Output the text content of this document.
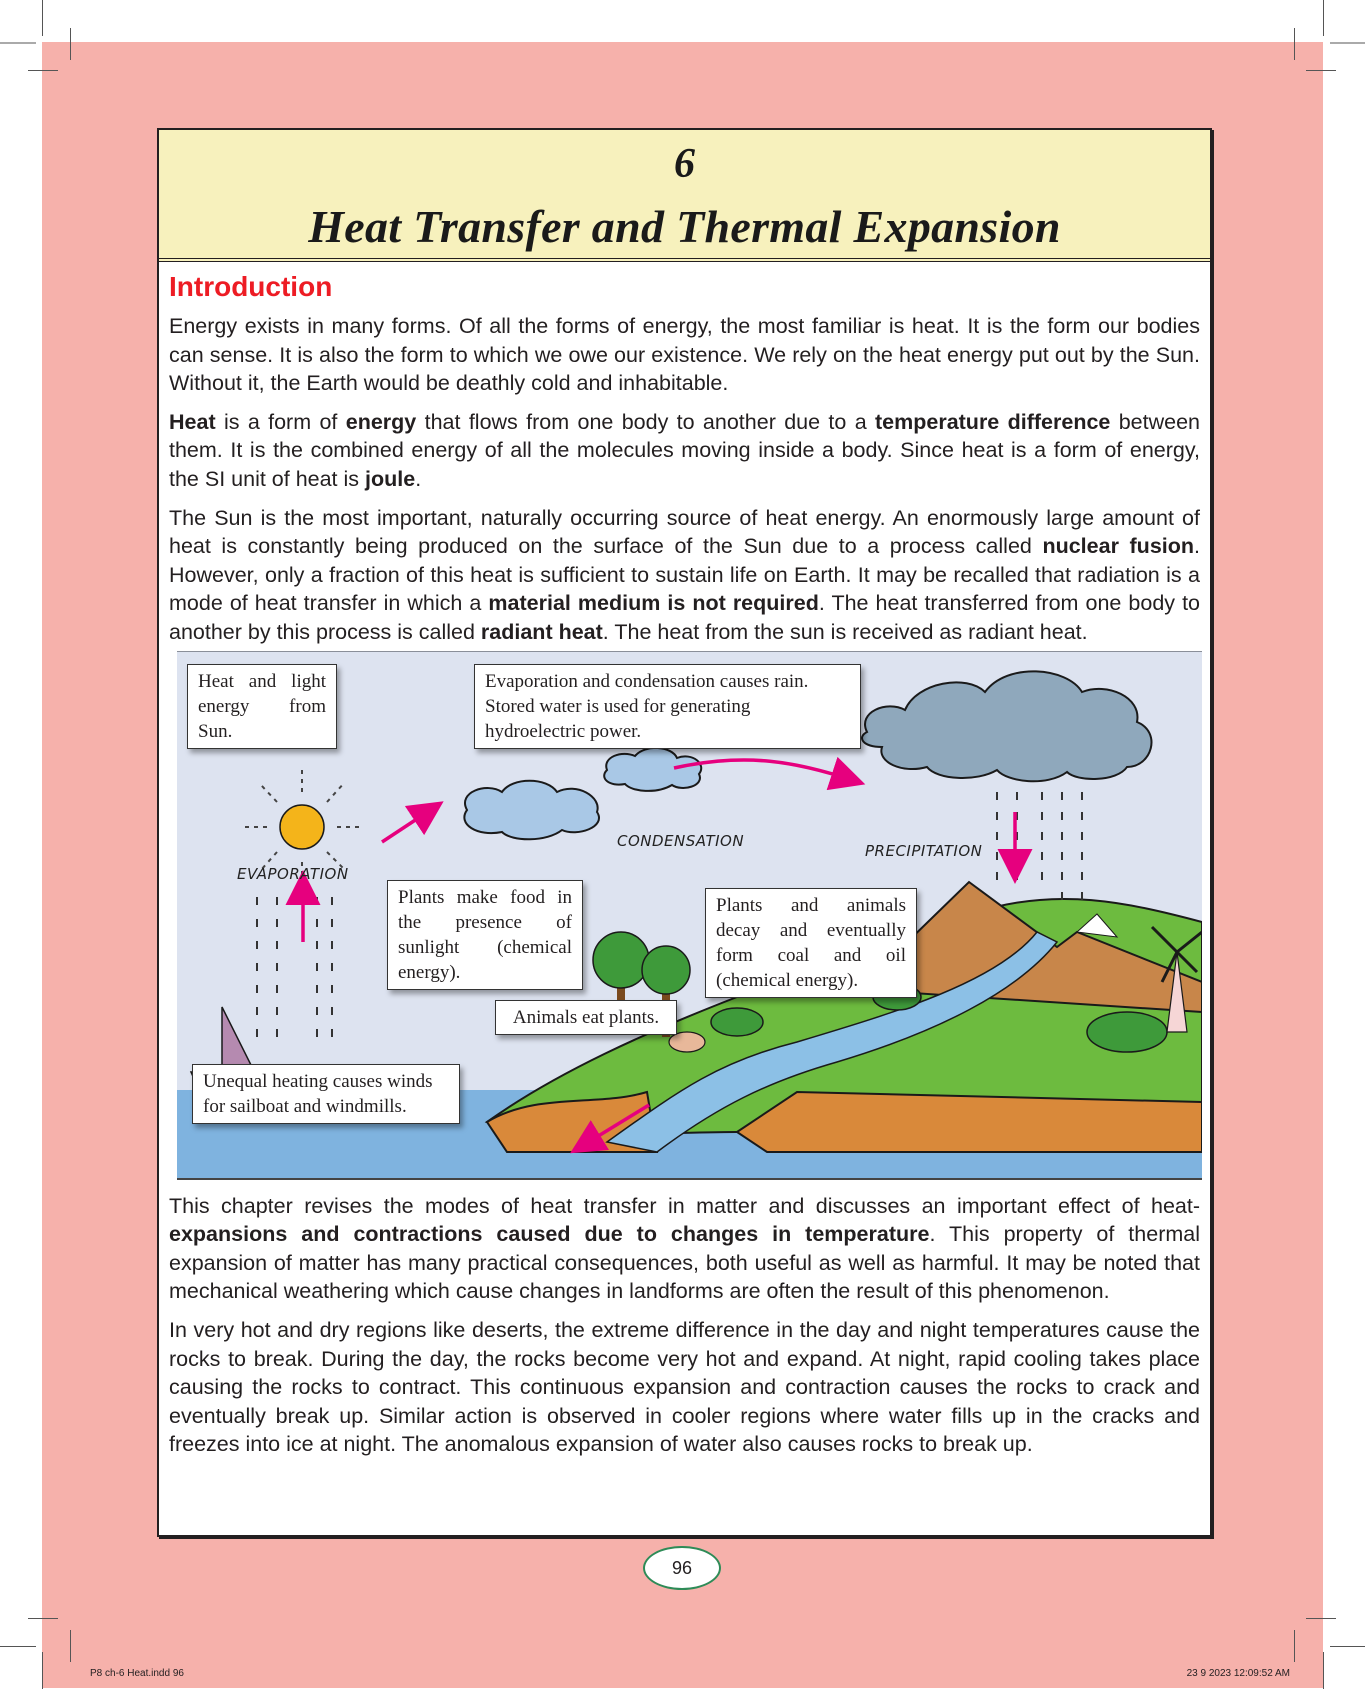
6
Heat Transfer and Thermal Expansion
Introduction

Energy exists in many forms. Of all the forms of energy, the most familiar is heat. It is the form our bodies can sense. It is also the form to which we owe our existence. We rely on the heat energy put out by the Sun. Without it, the Earth would be deathly cold and inhabitable.

Heat is a form of energy that flows from one body to another due to a temperature difference between them. It is the combined energy of all the molecules moving inside a body. Since heat is a form of energy, the SI unit of heat is joule.

The Sun is the most important, naturally occurring source of heat energy. An enormously large amount of heat is constantly being produced on the surface of the Sun due to a process called nuclear fusion. However, only a fraction of this heat is sufficient to sustain life on Earth. It may be recalled that radiation is a mode of heat transfer in which a material medium is not required. The heat transferred from one body to another by this process is called radiant heat. The heat from the sun is received as radiant heat.

Heat and light energy from Sun.
Evaporation and condensation causes rain. Stored water is used for generating hydroelectric power.
Plants make food in the presence of sunlight (chemical energy).
Plants and animals decay and eventually form coal and oil (chemical energy).
Animals eat plants.
Unequal heating causes winds for sailboat and windmills.
EVAPORATION
CONDENSATION
PRECIPITATION

This chapter revises the modes of heat transfer in matter and discusses an important effect of heat- expansions and contractions caused due to changes in temperature. This property of thermal expansion of matter has many practical consequences, both useful as well as harmful. It may be noted that mechanical weathering which cause changes in landforms are often the result of this phenomenon.

In very hot and dry regions like deserts, the extreme difference in the day and night temperatures cause the rocks to break. During the day, the rocks become very hot and expand. At night, rapid cooling takes place causing the rocks to contract. This continuous expansion and contraction causes the rocks to crack and eventually break up. Similar action is observed in cooler regions where water fills up in the cracks and freezes into ice at night. The anomalous expansion of water also causes rocks to break up.

96
P8 ch-6 Heat.indd 96	23 9 2023 12:09:52 AM
